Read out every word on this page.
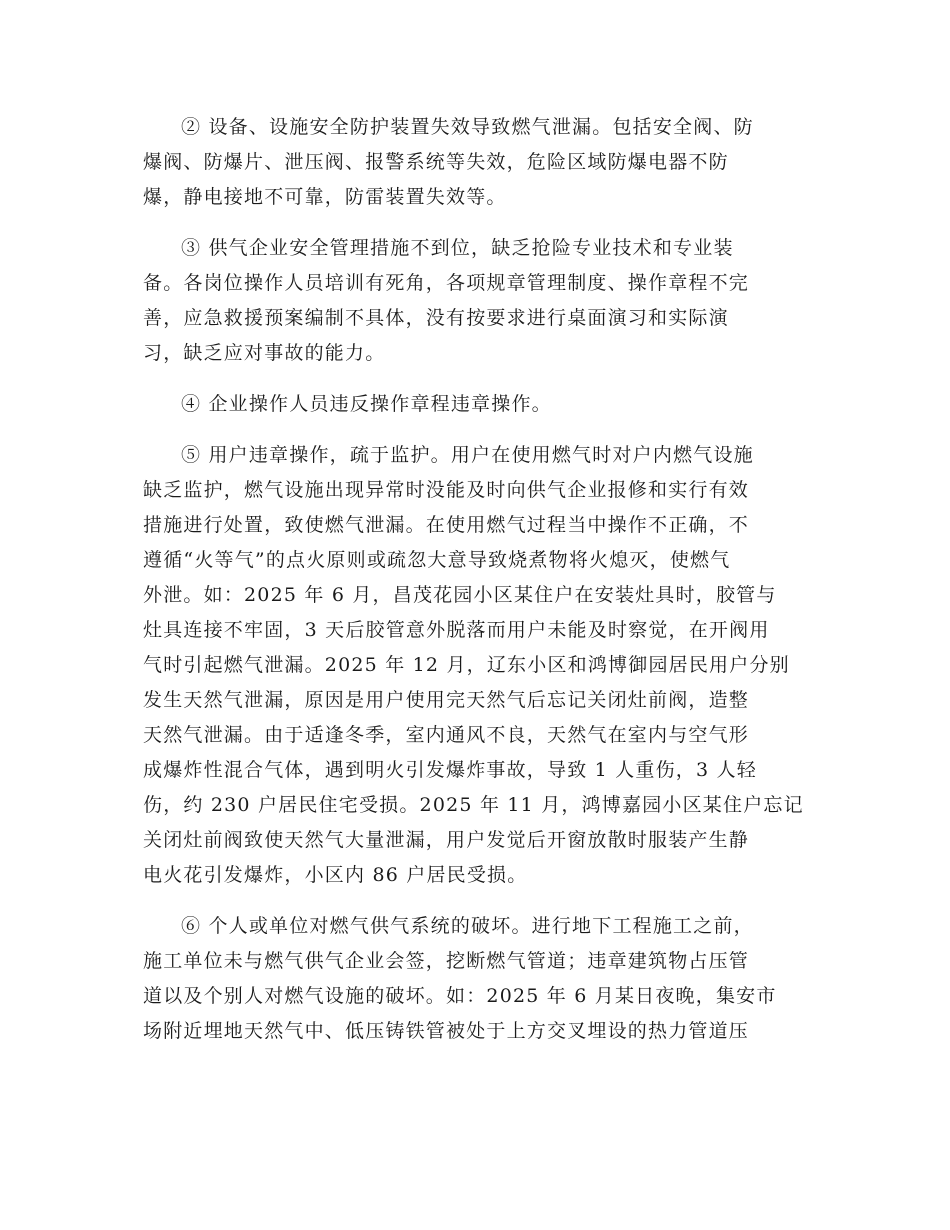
② 设备、设施安全防护装置失效导致燃气泄漏。包括安全阀、防
爆阀、防爆片、泄压阀、报警系统等失效，危险区域防爆电器不防
爆，静电接地不可靠，防雷装置失效等。

③ 供气企业安全管理措施不到位，缺乏抢险专业技术和专业装
备。各岗位操作人员培训有死角，各项规章管理制度、操作章程不完
善，应急救援预案编制不具体，没有按要求进行桌面演习和实际演
习，缺乏应对事故的能力。

④ 企业操作人员违反操作章程违章操作。

⑤ 用户违章操作，疏于监护。用户在使用燃气时对户内燃气设施
缺乏监护，燃气设施出现异常时没能及时向供气企业报修和实行有效
措施进行处置，致使燃气泄漏。在使用燃气过程当中操作不正确，不
遵循“火等气”的点火原则或疏忽大意导致烧煮物将火熄灭，使燃气
外泄。如：2025 年 6 月，昌茂花园小区某住户在安装灶具时，胶管与
灶具连接不牢固，3 天后胶管意外脱落而用户未能及时察觉，在开阀用
气时引起燃气泄漏。2025 年 12 月，辽东小区和鸿博御园居民用户分别
发生天然气泄漏，原因是用户使用完天然气后忘记关闭灶前阀，造整
天然气泄漏。由于适逢冬季，室内通风不良，天然气在室内与空气形
成爆炸性混合气体，遇到明火引发爆炸事故，导致 1 人重伤，3 人轻
伤，约 230 户居民住宅受损。2025 年 11 月，鸿博嘉园小区某住户忘记
关闭灶前阀致使天然气大量泄漏，用户发觉后开窗放散时服装产生静
电火花引发爆炸，小区内 86 户居民受损。

⑥ 个人或单位对燃气供气系统的破坏。进行地下工程施工之前，
施工单位未与燃气供气企业会签，挖断燃气管道；违章建筑物占压管
道以及个别人对燃气设施的破坏。如：2025 年 6 月某日夜晚，集安市
场附近埋地天然气中、低压铸铁管被处于上方交叉埋设的热力管道压
